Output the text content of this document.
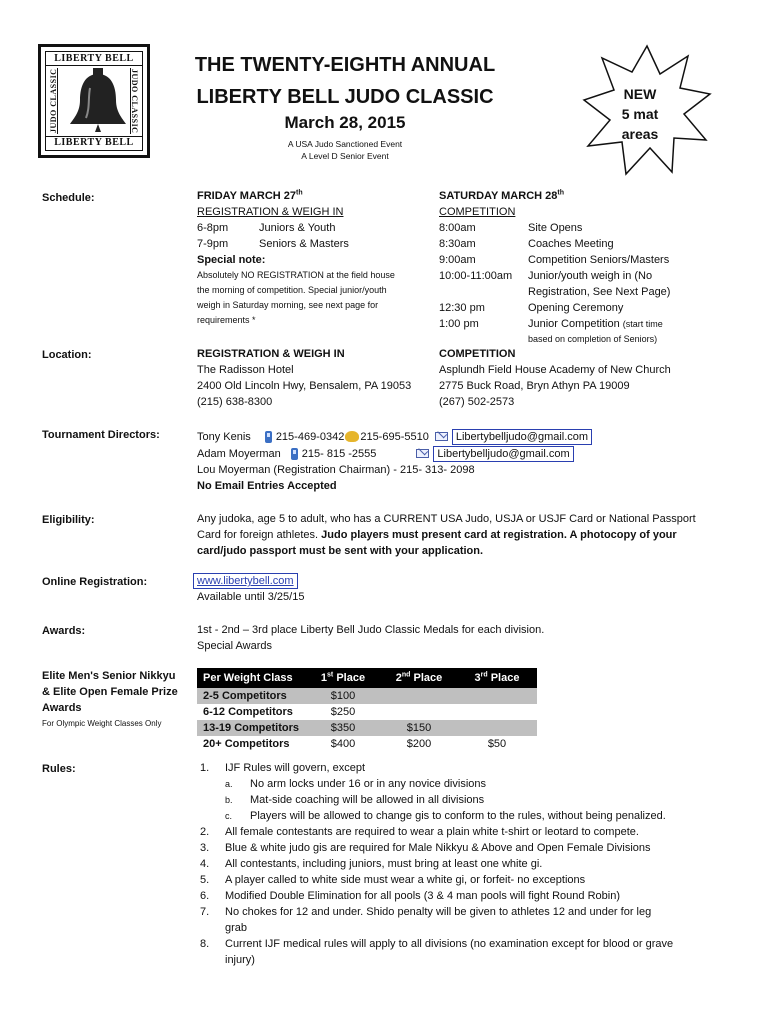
LIBERTY BELL
JUDO CLASSIC	JUDO CLASSIC
LIBERTY BELL
THE TWENTY-EIGHTH ANNUAL
LIBERTY BELL JUDO CLASSIC
March 28, 2015
A USA Judo Sanctioned Event
A Level D Senior Event
NEW
5 mat
areas
Schedule:	FRIDAY MARCH 27th
REGISTRATION & WEIGH IN
6-8pm	Juniors & Youth
7-9pm	Seniors & Masters
Special note:
Absolutely NO REGISTRATION at the field house
the morning of competition. Special junior/youth
weigh in Saturday morning, see next page for
requirements *
SATURDAY MARCH 28th
COMPETITION
8:00am	Site Opens
8:30am	Coaches Meeting
9:00am	Competition Seniors/Masters
10:00-11:00am	Junior/youth weigh in (No
Registration, See Next Page)
12:30 pm	Opening Ceremony
1:00 pm	Junior Competition
(start time
based on completion of Seniors)
Location:	REGISTRATION & WEIGH IN
The Radisson Hotel
2400 Old Lincoln Hwy, Bensalem, PA 19053
(215) 638-8300
COMPETITION
Asplundh Field House Academy of New Church
2775 Buck Road, Bryn Athyn PA 19009
(267) 502-2573
Tournament Directors:	Tony Kenis 215-469-0342 215-695-5510	Libertybelljudo@gmail.com
Adam Moyerman 215- 815 -2555	Libertybelljudo@gmail.com
Lou Moyerman (Registration Chairman) - 215- 313- 2098
No Email Entries Accepted
Eligibility:	Any judoka, age 5 to adult, who has a CURRENT USA Judo, USJA or USJF Card or National Passport
Card for foreign athletes. Judo players must present card at registration. A photocopy of your
card/judo passport must be sent with your application.
Online Registration:	www.libertybell.com
Available until 3/25/15
Awards:	1st - 2nd – 3rd place Liberty Bell Judo Classic Medals for each division.
Special Awards
Elite Men's Senior Nikkyu
& Elite Open Female Prize
Awards
For Olympic Weight Classes Only
Per Weight Class	1st Place	2nd Place	3rd Place
2-5 Competitors	$100		
6-12 Competitors	$250		
13-19 Competitors	$350	$150	
20+ Competitors	$400	$200	$50
Rules:	1. IJF Rules will govern, except
a. No arm locks under 16 or in any novice divisions
b. Mat-side coaching will be allowed in all divisions
c. Players will be allowed to change gis to conform to the rules, without being penalized.
2. All female contestants are required to wear a plain white t-shirt or leotard to compete.
3. Blue & white judo gis are required for Male Nikkyu & Above and Open Female Divisions
4. All contestants, including juniors, must bring at least one white gi.
5. A player called to white side must wear a white gi, or forfeit- no exceptions
6. Modified Double Elimination for all pools (3 & 4 man pools will fight Round Robin)
7. No chokes for 12 and under. Shido penalty will be given to athletes 12 and under for leg
grab
8. Current IJF medical rules will apply to all divisions (no examination except for blood or grave
injury)
